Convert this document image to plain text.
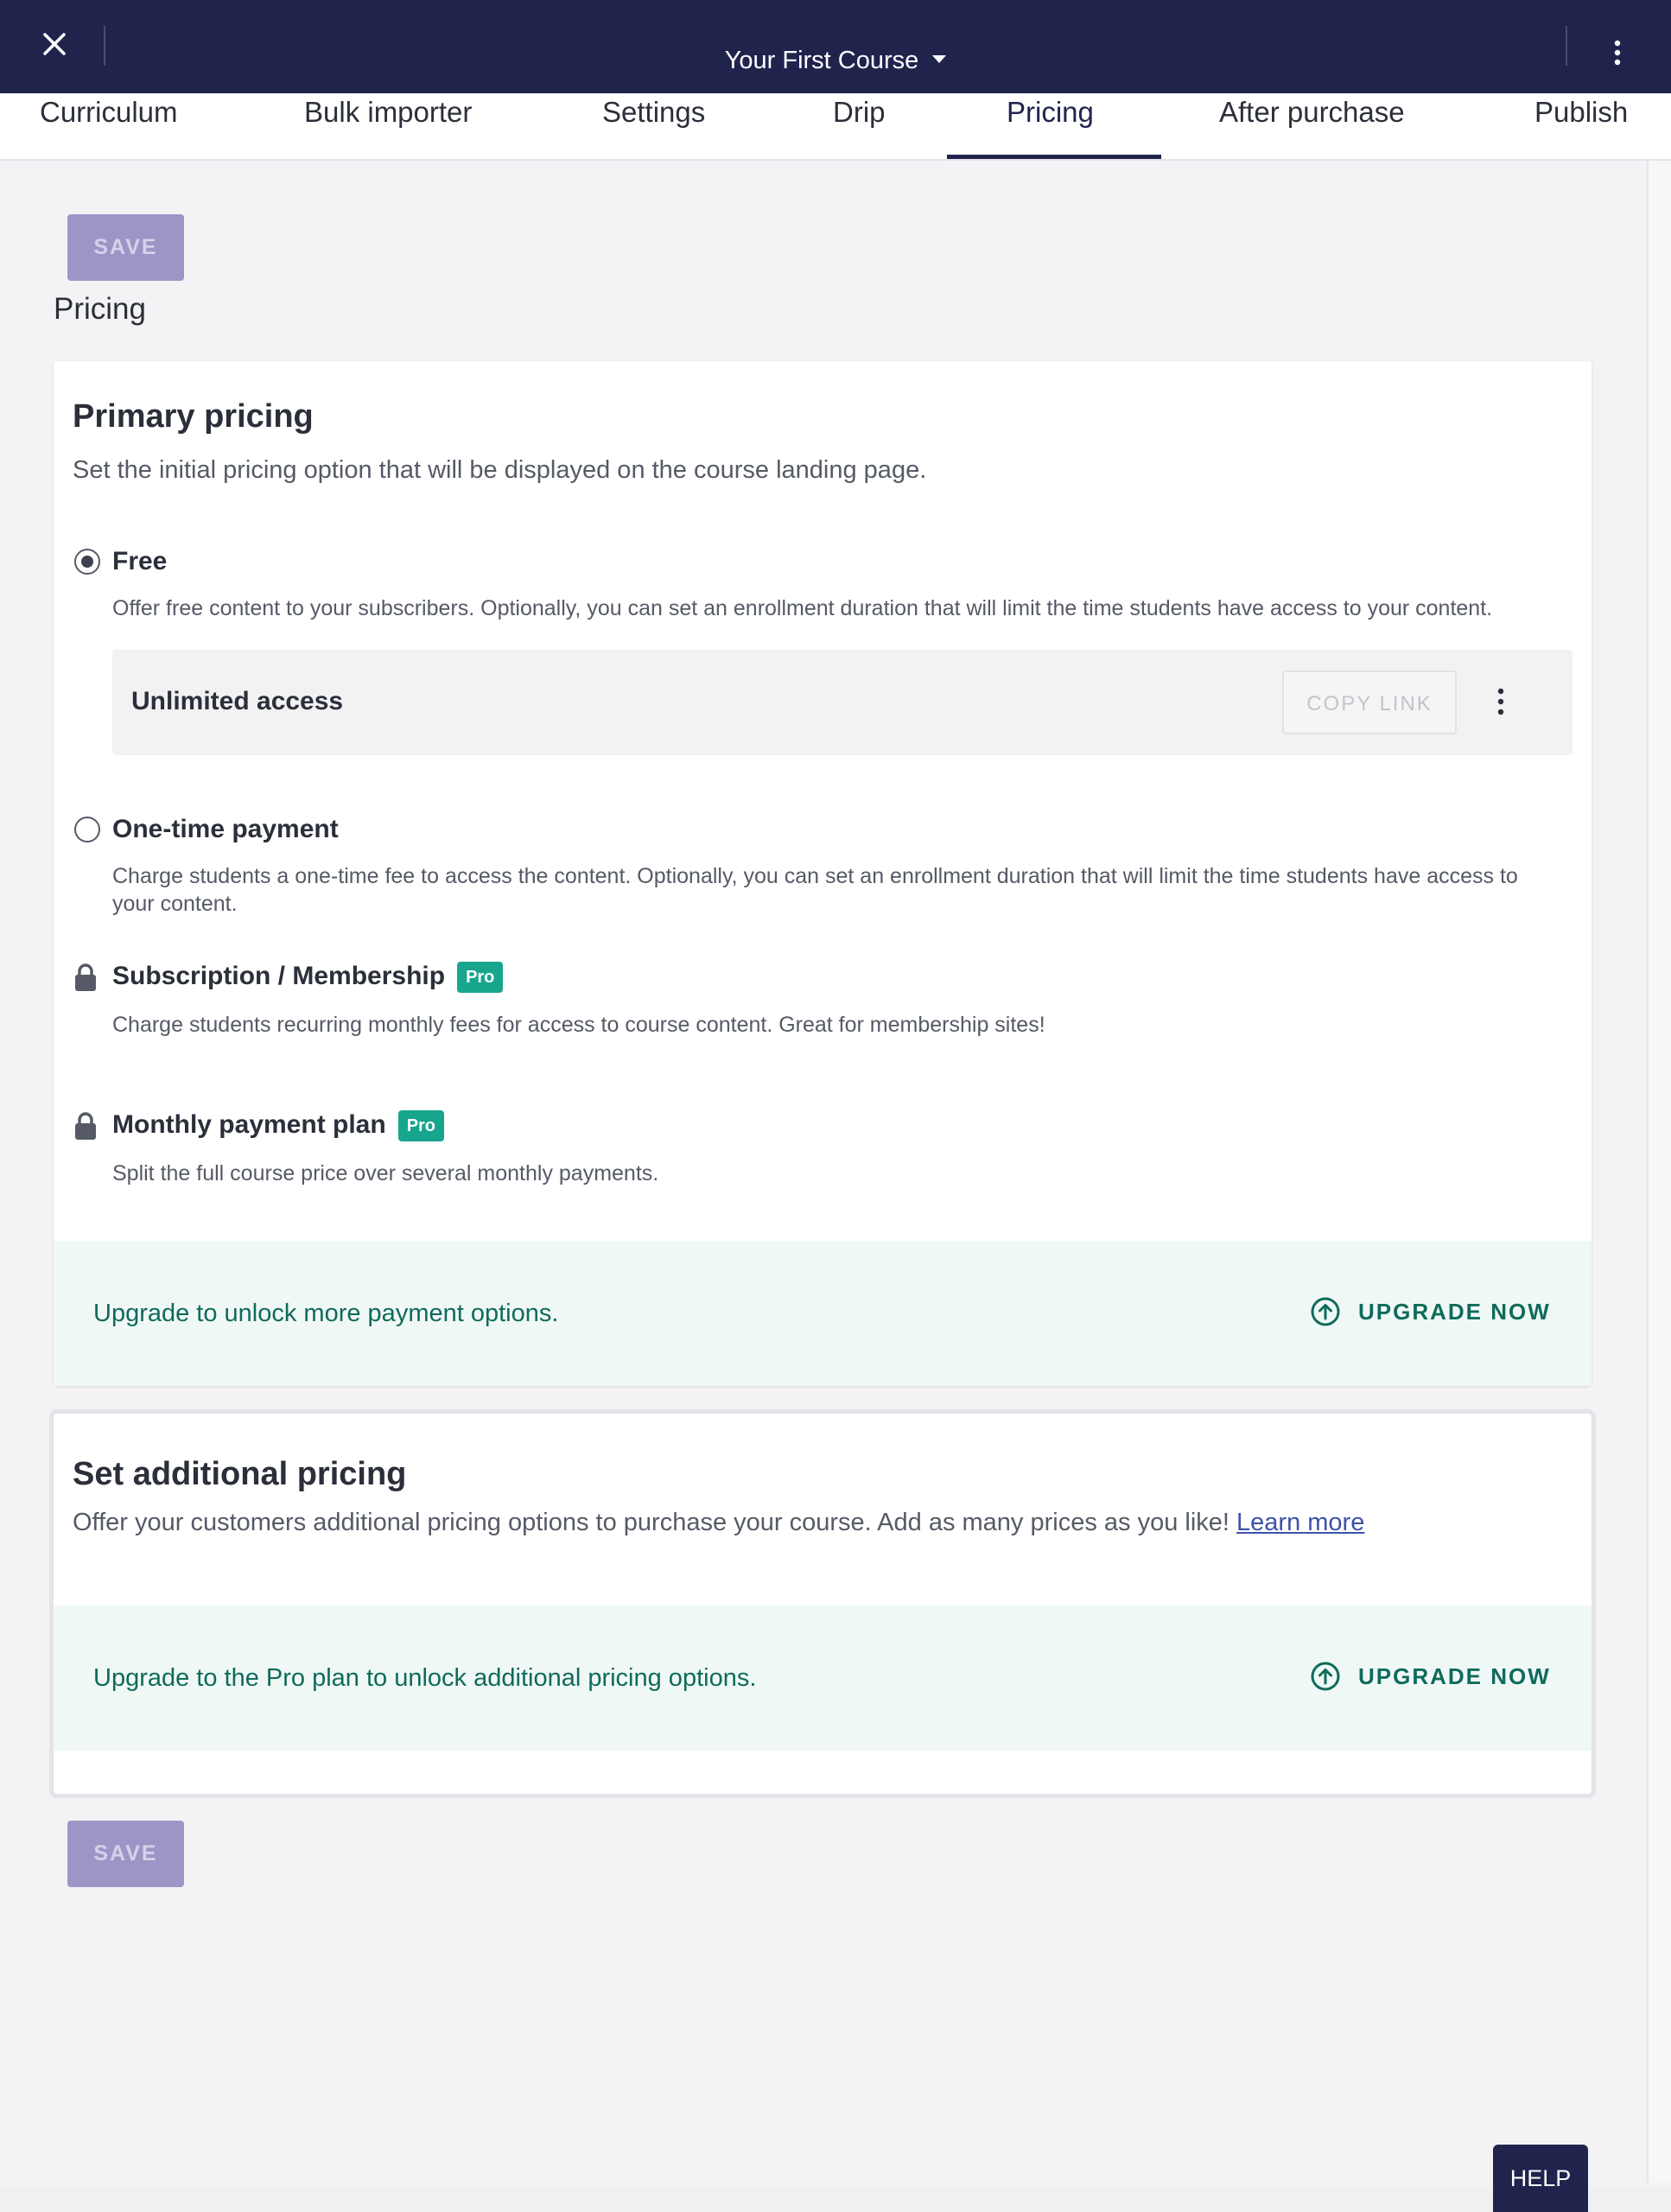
Your First Course
Curriculum	Bulk importer	Settings	Drip	Pricing	After purchase	Publish
SAVE
Pricing
Primary pricing
Set the initial pricing option that will be displayed on the course landing page.
Free
Offer free content to your subscribers. Optionally, you can set an enrollment duration that will limit the time students have access to your content.
Unlimited access	COPY LINK
One-time payment
Charge students a one-time fee to access the content. Optionally, you can set an enrollment duration that will limit the time students have access to your content.
Subscription / Membership Pro
Charge students recurring monthly fees for access to course content. Great for membership sites!
Monthly payment plan Pro
Split the full course price over several monthly payments.
Upgrade to unlock more payment options.	UPGRADE NOW
Set additional pricing
Offer your customers additional pricing options to purchase your course. Add as many prices as you like! Learn more
Upgrade to the Pro plan to unlock additional pricing options.	UPGRADE NOW
SAVE
HELP
